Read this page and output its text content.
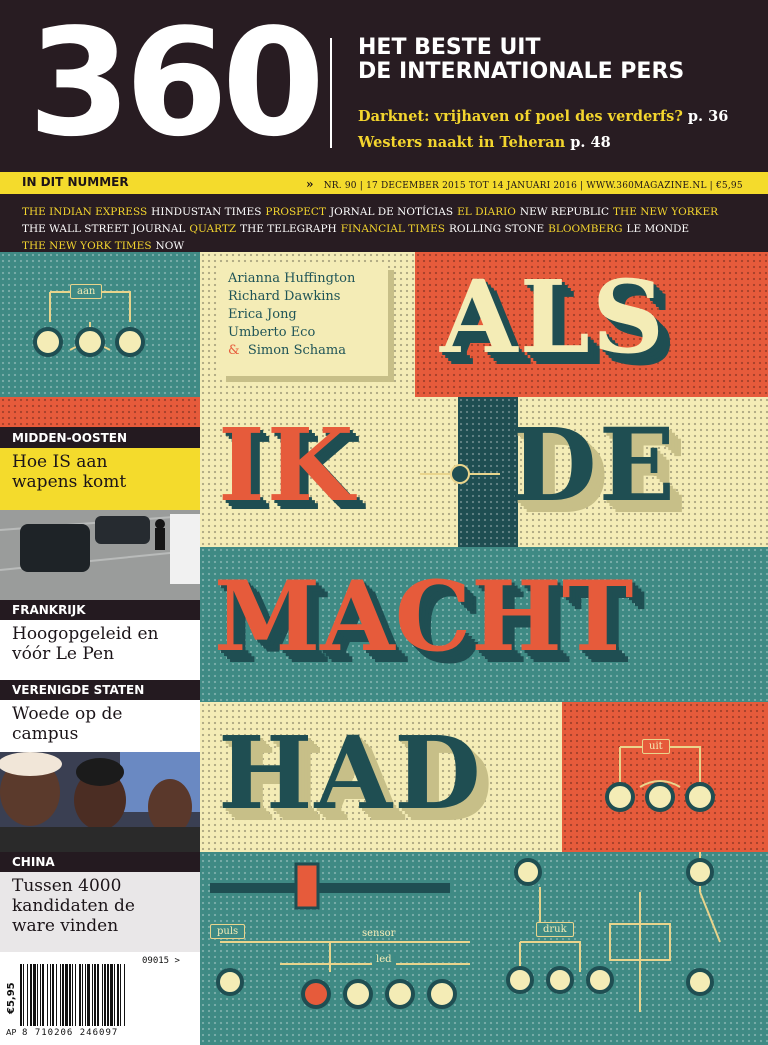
360 HET BESTE UIT
DE INTERNATIONALE PERS
Darknet: vrijhaven of poel des verderfs? p. 36
Westers naakt in Teheran p. 48
IN DIT NUMMER	» NR. 90 | 17 DECEMBER 2015 TOT 14 JANUARI 2016 | WWW.360MAGAZINE.NL | €5,95
THE INDIAN EXPRESS HINDUSTAN TIMES PROSPECT JORNAL DE NOTÍCIAS EL DIARIO NEW REPUBLIC THE NEW YORKER
THE WALL STREET JOURNAL QUARTZ THE TELEGRAPH FINANCIAL TIMES ROLLING STONE BLOOMBERG LE MONDE
THE NEW YORK TIMES NOW
Arianna Huffington
Richard Dawkins
Erica Jong
Umberto Eco
& Simon Schama ALS
IK DE
MACHT
HAD
aan
uit
puls	sensor
led
druk
MIDDEN-OOSTEN
Hoe IS aan
wapens komt
FRANKRIJK
Hoogopgeleid en
vóór Le Pen
VERENIGDE STATEN
Woede op de
campus
CHINA
Tussen 4000
kandidaten de
ware vinden
€5,95
09015 >
AP 8 710206 246097
